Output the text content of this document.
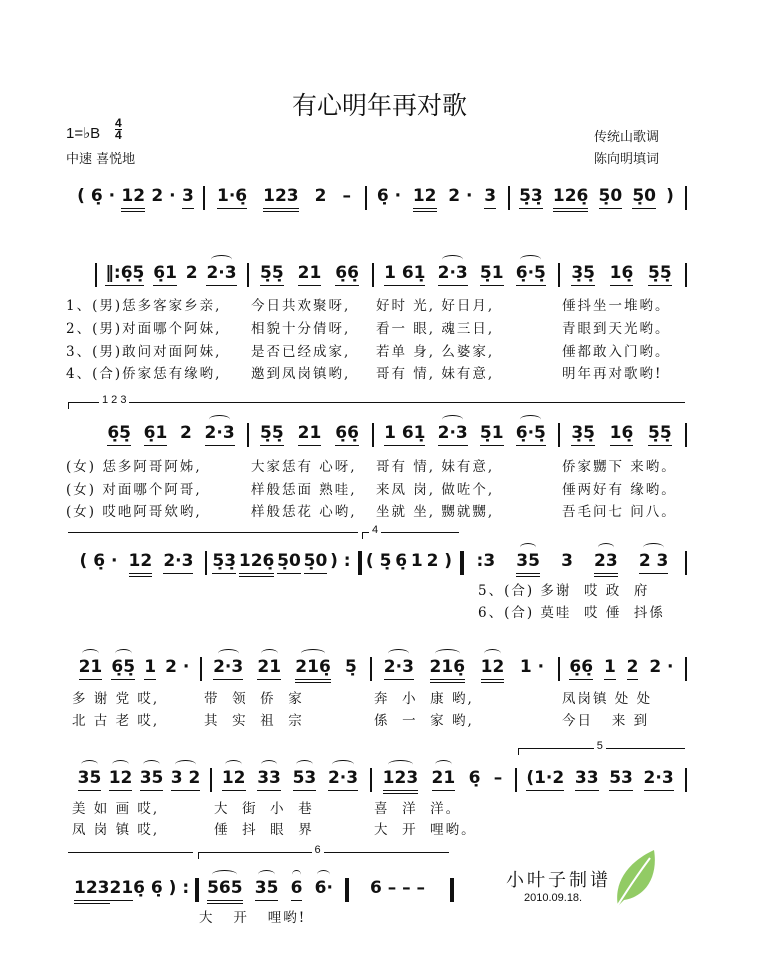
有心明年再对歌
1=♭B $\frac{4}{4}$
中速 喜悦地
传统山歌调
陈向明填词
1 2 3
4
5
6
( 6̣ · 12 2 · 3 1·6̣ 123 2 – 6̣ · 12 2 · 3 5̣3̣ 126̣ 5̣0 5̣0 )
‖:6̣5̣ 6̣1 2 2·3 5̣5̣ 21 6̣6̣ 1 61̣ 2·3 5̣1 6̣·5̣ 3̣5̣ 16̣ 5̣5̣
1、(男)恁多客家乡亲, 今日共欢聚呀, 好时 光, 好日月,	倕抖坐一堆哟。
2、(男)对面哪个阿妹, 相貌十分倩呀, 看一 眼, 魂三日,	青眼到天光哟。
3、(男)敢问对面阿妹, 是否已经成家, 若单 身, 么婆家,	倕都敢入门哟。
4、(合)侨家恁有缘哟, 邀到凤岗镇哟, 哥有 情, 妹有意,	明年再对歌哟!
6̣5̣ 6̣1 2 2·3 5̣5̣ 21 6̣6̣ 1 61̣ 2·3 5̣1 6̣·5̣ 3̣5̣ 16̣ 5̣5̣
(女) 恁多阿哥阿姊,	大家恁有 心呀, 哥有 情, 妹有意,	侨家嬲下 来哟。
(女) 对面哪个阿哥,	样般恁面 熟哇, 来凤 岗, 做咗个,	倕两好有 缘哟。
(女) 哎吔阿哥欸哟,	样般恁花 心哟, 坐就 坐, 嬲就嬲,	吾毛问七 问八。
( 6̣ · 12 2·3 5̣3̣ 126̣ 5̣0 5̣0 ) : ( 5̣ 6̣ 1 2 ) :3 35 3 23 2 3
5、(合) 多谢  哎 政  府
6、(合) 莫哇  哎 倕  抖係
21 6̣5̣ 1 2 · 2·3 21 216̣ 5̣ 2·3 216̣ 12 1 · 6̣6̣ 1 2 2 ·
多 谢 党 哎,	带  领  侨  家	奔  小  康 哟,	凤岗镇 处 处
北 古 老 哎,	其  实  祖  宗	係  一  家 哟,	今日   来 到
35 12 35 3 2 12 33 53 2·3 123 21 6̣ – (1·2 33 53 2·3
美 如 画 哎,	大  街  小  巷	喜  洋  洋。
凤 岗 镇 哎,	倕  抖  眼  界	大  开  哩哟。
123 21 6̣ 6̣ ) : 565 35 6 6· 6 – – –
大   开   哩哟!
小叶子制谱
2010.09.18.
